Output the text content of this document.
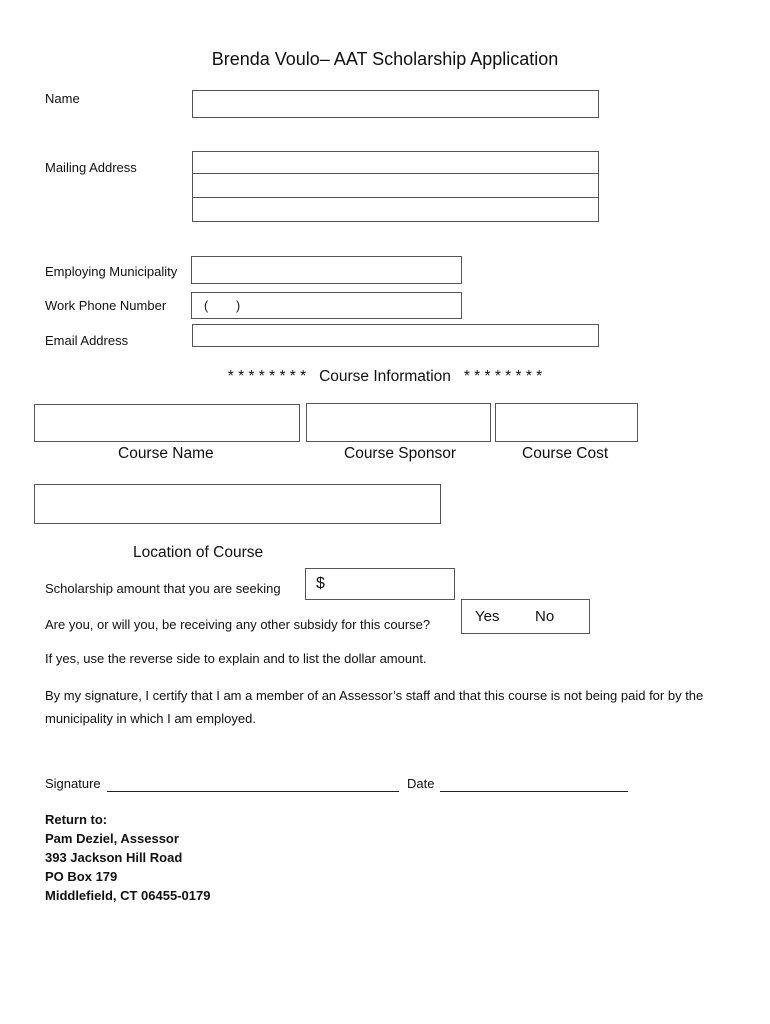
Brenda Voulo– AAT Scholarship Application
Name
Mailing Address
Employing Municipality
Work Phone Number	(        )
Email Address
* * * * * * * *   Course Information   * * * * * * * *
Course Name	Course Sponsor	Course Cost
Location of Course
Scholarship amount that you are seeking $
Are you, or will you, be receiving any other subsidy for this course?	Yes No
If yes, use the reverse side to explain and to list the dollar amount.
By my signature, I certify that I am a member of an Assessor’s staff and that this course is not being paid for by the municipality in which I am employed.
Signature	Date
Return to:
Pam Deziel, Assessor
393 Jackson Hill Road
PO Box 179
Middlefield, CT 06455-0179
